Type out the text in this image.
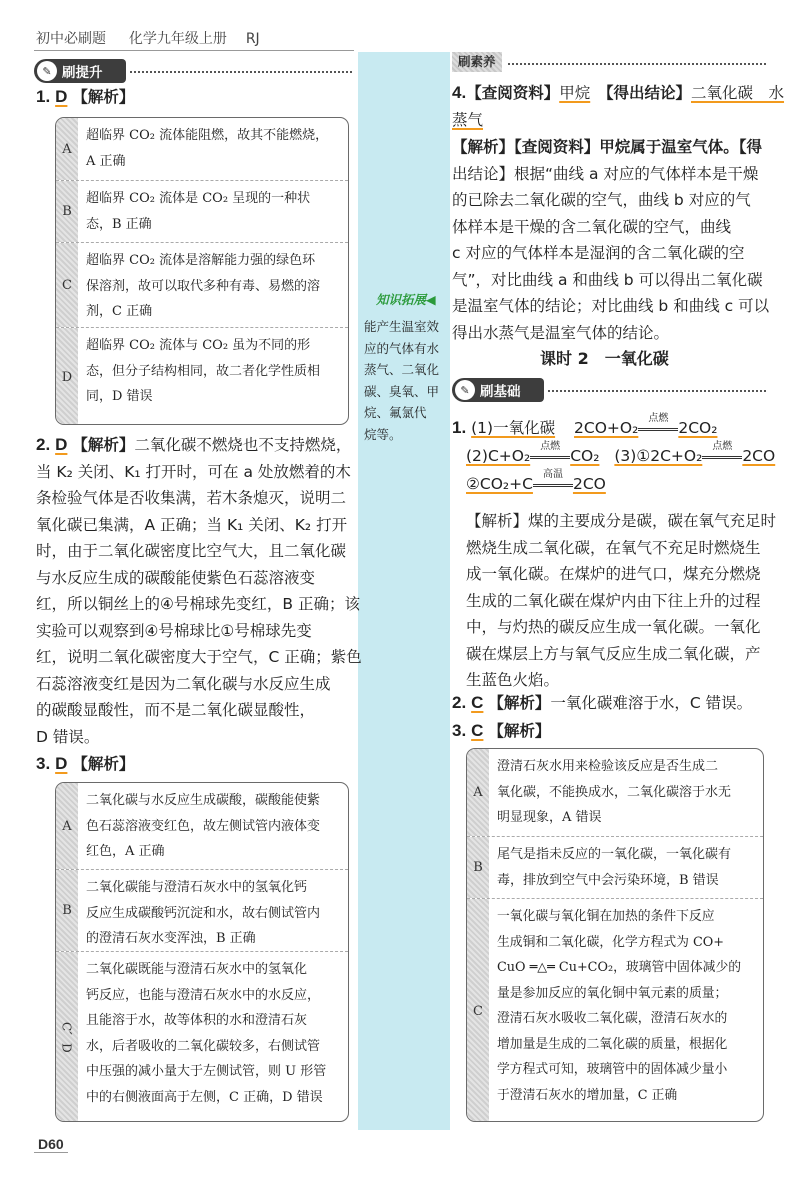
初中必刷题 化学九年级上册 RJ
知识拓展◀
能产生温室效
应的气体有水
蒸气、二氧化
碳、臭氧、甲
烷、氟氯代
烷等。
✎ 刷提升
1. D 【解析】
A
超临界 CO₂ 流体能阻燃，故其不能燃烧，
A 正确
B
超临界 CO₂ 流体是 CO₂ 呈现的一种状
态，B 正确
C
超临界 CO₂ 流体是溶解能力强的绿色环
保溶剂，故可以取代多种有毒、易燃的溶
剂，C 正确
D
超临界 CO₂ 流体与 CO₂ 虽为不同的形
态，但分子结构相同，故二者化学性质相
同，D 错误
2. D 【解析】二氧化碳不燃烧也不支持燃烧，
当 K₂ 关闭、K₁ 打开时，可在 a 处放燃着的木
条检验气体是否收集满，若木条熄灭，说明二
氧化碳已集满，A 正确；当 K₁ 关闭、K₂ 打开
时，由于二氧化碳密度比空气大，且二氧化碳
与水反应生成的碳酸能使紫色石蕊溶液变
红，所以铜丝上的④号棉球先变红，B 正确；该
实验可以观察到④号棉球比①号棉球先变
红，说明二氧化碳密度大于空气，C 正确；紫色
石蕊溶液变红是因为二氧化碳与水反应生成
的碳酸显酸性，而不是二氧化碳显酸性，
D 错误。
3. D 【解析】
A
二氧化碳与水反应生成碳酸，碳酸能使紫
色石蕊溶液变红色，故左侧试管内液体变
红色，A 正确
B
二氧化碳能与澄清石灰水中的氢氧化钙
反应生成碳酸钙沉淀和水，故右侧试管内
的澄清石灰水变浑浊，B 正确
C、D
二氧化碳既能与澄清石灰水中的氢氧化
钙反应，也能与澄清石灰水中的水反应，
且能溶于水，故等体积的水和澄清石灰
水，后者吸收的二氧化碳较多，右侧试管
中压强的减小量大于左侧试管，则 U 形管
中的右侧液面高于左侧，C 正确，D 错误
D60
刷素养
4.【查阅资料】甲烷　 【得出结论】二氧化碳　水
蒸气
【解析】【查阅资料】甲烷属于温室气体。【得
出结论】根据“曲线 a 对应的气体样本是干燥
的已除去二氧化碳的空气，曲线 b 对应的气
体样本是干燥的含二氧化碳的空气，曲线
c 对应的气体样本是湿润的含二氧化碳的空
气”，对比曲线 a 和曲线 b 可以得出二氧化碳
是温室气体的结论；对比曲线 b 和曲线 c 可以
得出水蒸气是温室气体的结论。
课时 2　一氧化碳
✎ 刷基础
1. (1)一氧化碳 2CO+O₂
点燃
2CO₂
(2)C+O₂
点燃
CO₂ (3)①2C+O₂
点燃
2CO
②CO₂+C
高温
2CO
【解析】煤的主要成分是碳，碳在氧气充足时
燃烧生成二氧化碳，在氧气不充足时燃烧生
成一氧化碳。在煤炉的进气口，煤充分燃烧
生成的二氧化碳在煤炉内由下往上升的过程
中，与灼热的碳反应生成一氧化碳。一氧化
碳在煤层上方与氧气反应生成二氧化碳，产
生蓝色火焰。
2. C 【解析】一氧化碳难溶于水，C 错误。
3. C 【解析】
A
澄清石灰水用来检验该反应是否生成二
氧化碳，不能换成水，二氧化碳溶于水无
明显现象，A 错误
B
尾气是指未反应的一氧化碳，一氧化碳有
毒，排放到空气中会污染环境，B 错误
C
一氧化碳与氧化铜在加热的条件下反应
生成铜和二氧化碳，化学方程式为 CO+
CuO ═△═ Cu+CO₂，玻璃管中固体减少的
量是参加反应的氧化铜中氧元素的质量；
澄清石灰水吸收二氧化碳，澄清石灰水的
增加量是生成的二氧化碳的质量，根据化
学方程式可知，玻璃管中的固体减少量小
于澄清石灰水的增加量，C 正确
